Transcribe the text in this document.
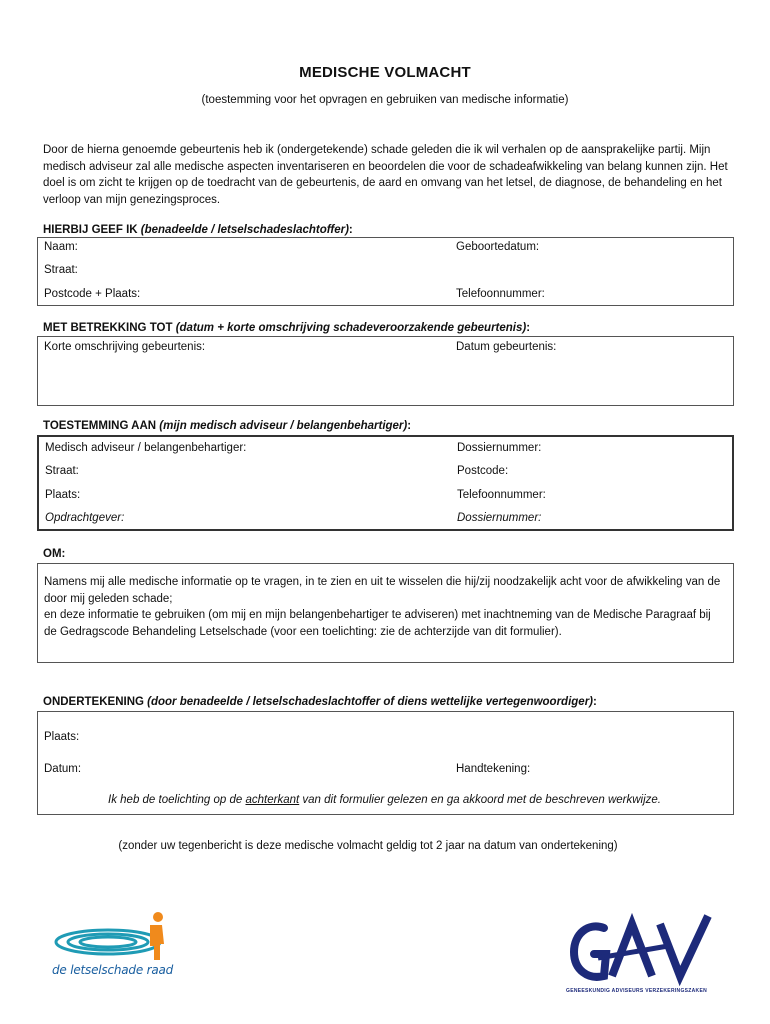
MEDISCHE VOLMACHT
(toestemming voor het opvragen en gebruiken van medische informatie)
Door de hierna genoemde gebeurtenis heb ik (ondergetekende) schade geleden die ik wil verhalen op de aansprakelijke partij. Mijn medisch adviseur zal alle medische aspecten inventariseren en beoordelen die voor de schadeafwikkeling van belang kunnen zijn. Het doel is om zicht te krijgen op de toedracht van de gebeurtenis, de aard en omvang van het letsel, de diagnose, de behandeling en het verloop van mijn genezingsproces.
HIERBIJ GEEF IK (benadeelde / letselschadeslachtoffer):
Naam:	Geboortedatum:
Straat:
Postcode + Plaats:	Telefoonnummer:
MET BETREKKING TOT (datum + korte omschrijving schadeveroorzakende gebeurtenis):
Korte omschrijving gebeurtenis:	Datum gebeurtenis:
TOESTEMMING AAN (mijn medisch adviseur / belangenbehartiger):
Medisch adviseur / belangenbehartiger:	Dossiernummer:
Straat:	Postcode:
Plaats:	Telefoonnummer:
Opdrachtgever:	Dossiernummer:
OM:
Namens mij alle medische informatie op te vragen, in te zien en uit te wisselen die hij/zij noodzakelijk acht voor de afwikkeling van de door mij geleden schade;
en deze informatie te gebruiken (om mij en mijn belangenbehartiger te adviseren) met inachtneming van de Medische Paragraaf bij de Gedragscode Behandeling Letselschade (voor een toelichting: zie de achterzijde van dit formulier).
ONDERTEKENING (door benadeelde / letselschadeslachtoffer of diens wettelijke vertegenwoordiger):
Plaats:
Datum:	Handtekening:
Ik heb de toelichting op de achterkant van dit formulier gelezen en ga akkoord met de beschreven werkwijze.
(zonder uw tegenbericht is deze medische volmacht geldig tot 2 jaar na datum van ondertekening)
de letselschade raad
GENEESKUNDIG ADVISEURS VERZEKERINGSZAKEN
